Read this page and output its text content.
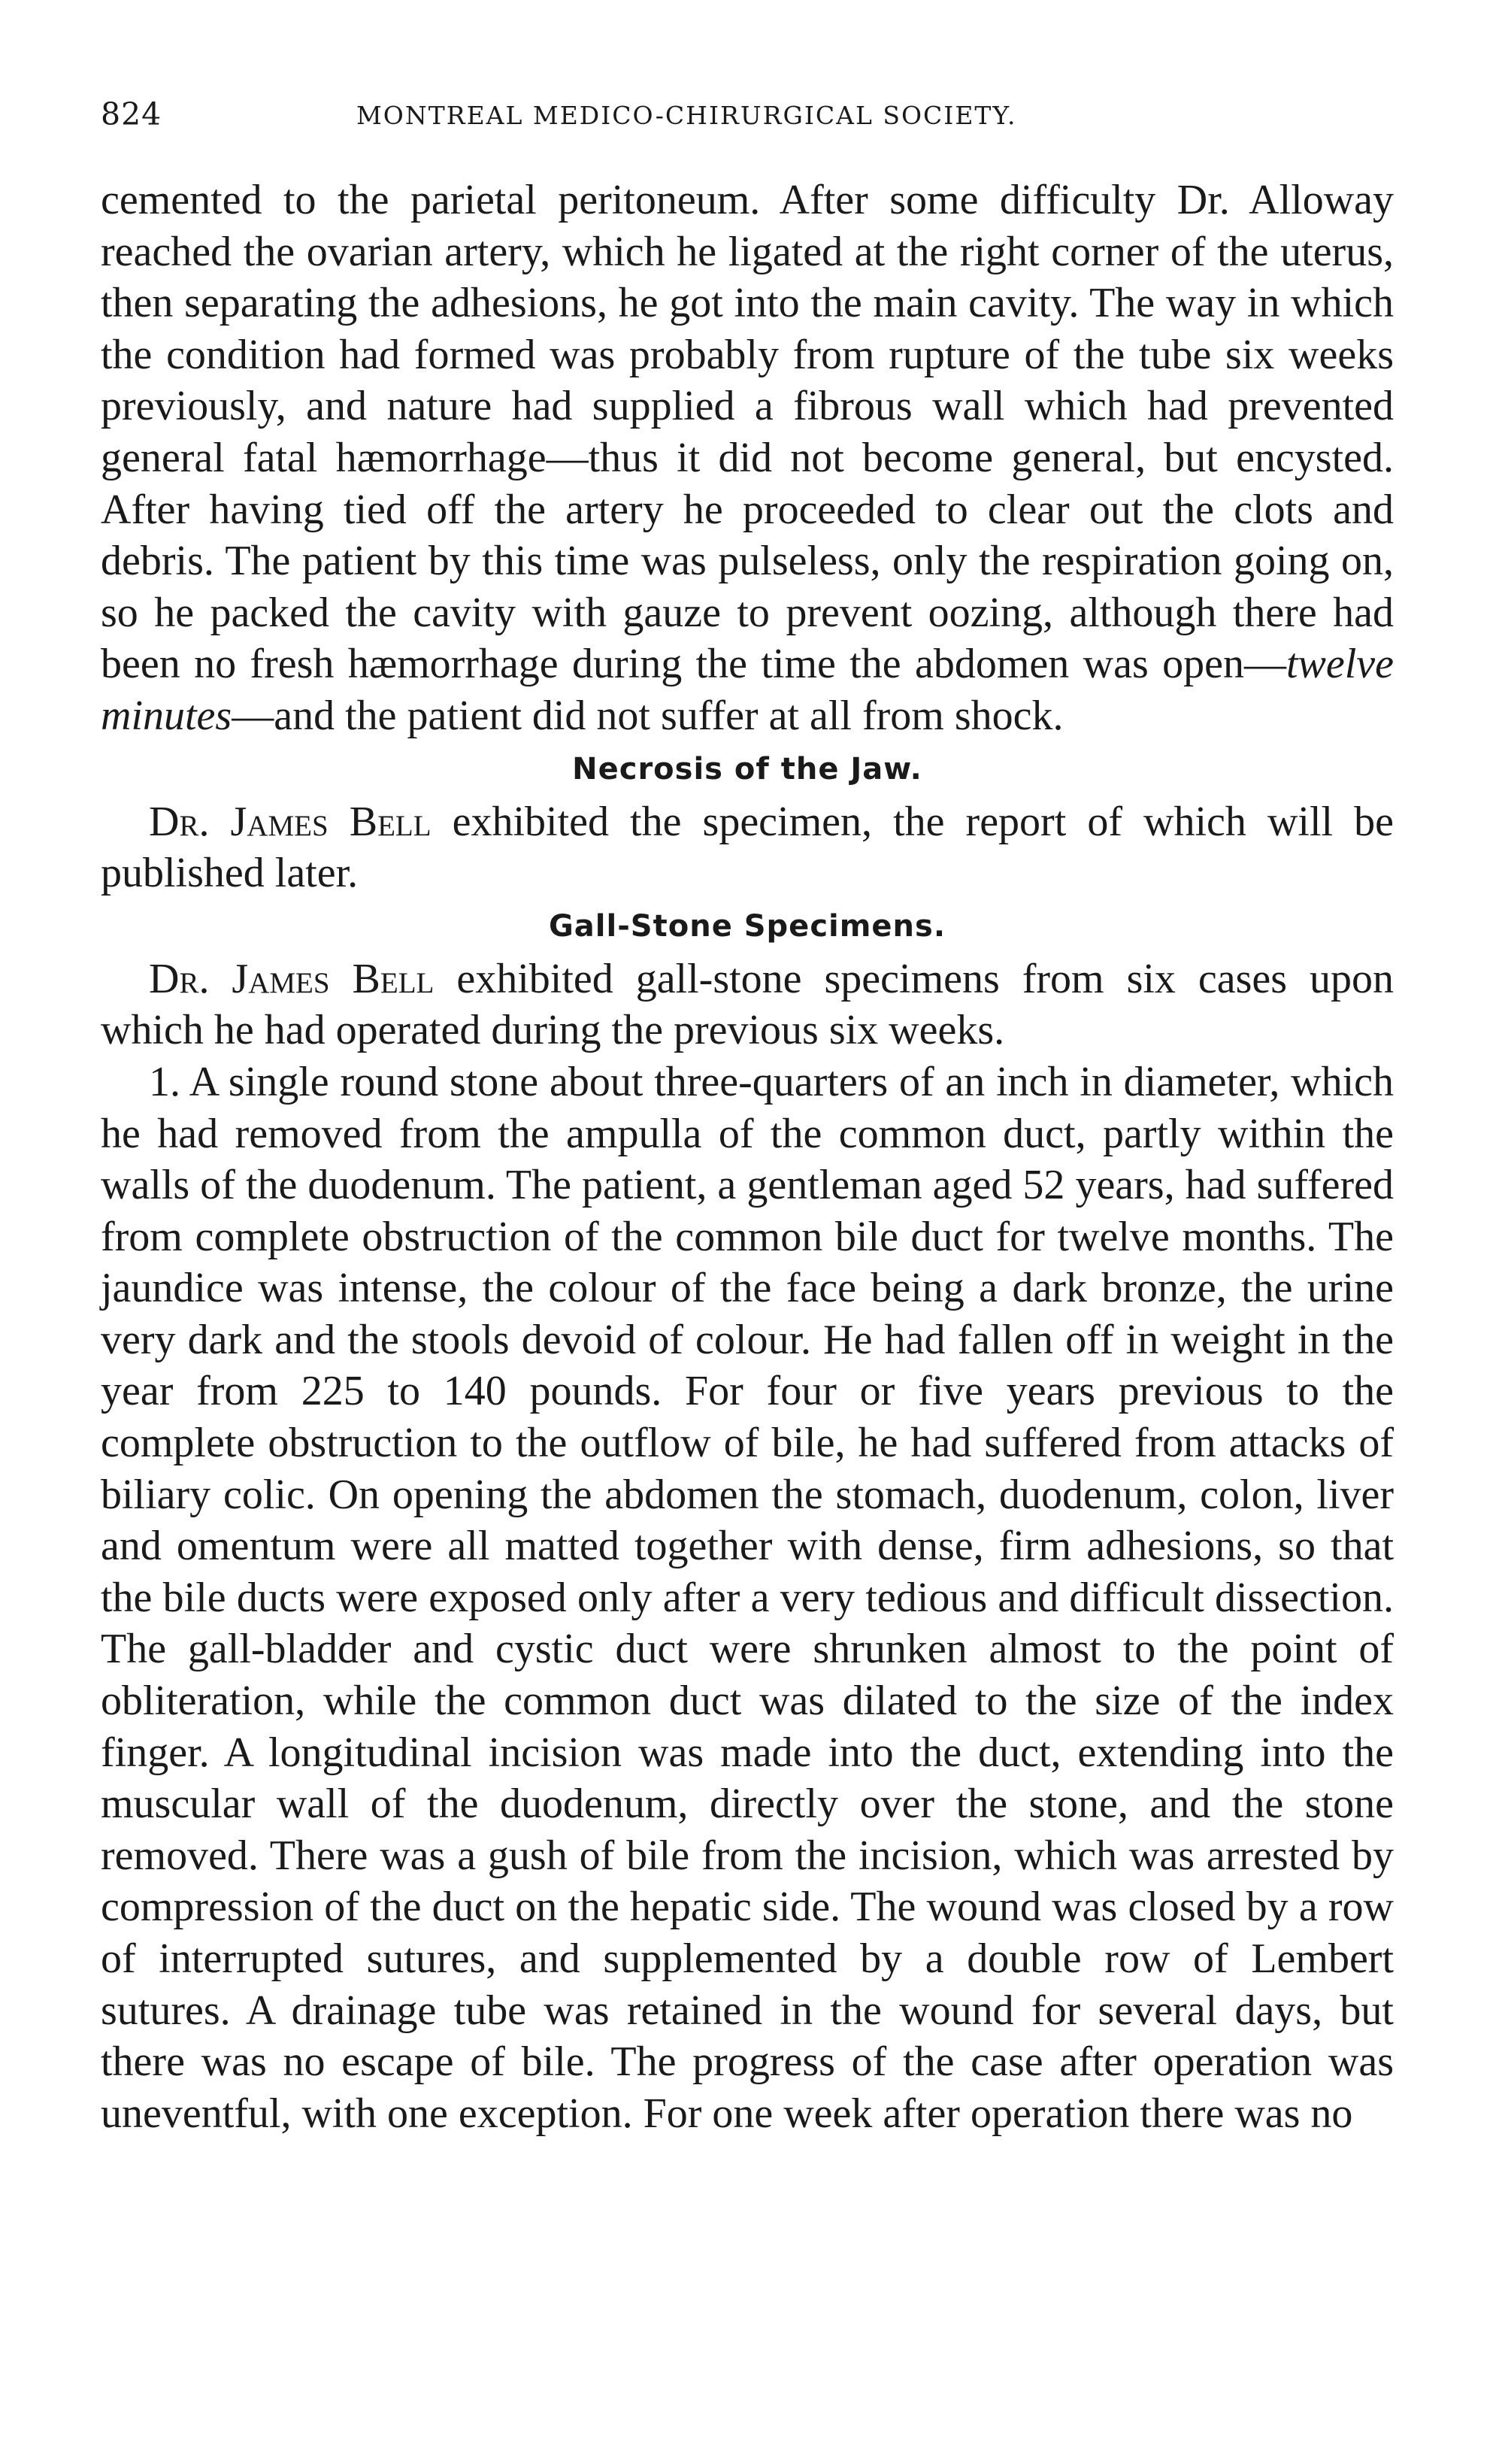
824	MONTREAL MEDICO-CHIRURGICAL SOCIETY.

cemented to the parietal peritoneum. After some difficulty Dr. Alloway reached the ovarian artery, which he ligated at the right corner of the uterus, then separating the adhesions, he got into the main cavity. The way in which the condition had formed was probably from rupture of the tube six weeks previously, and nature had supplied a fibrous wall which had prevented general fatal hæmorrhage—thus it did not become general, but encysted. After having tied off the artery he proceeded to clear out the clots and debris. The patient by this time was pulseless, only the respiration going on, so he packed the cavity with gauze to prevent oozing, although there had been no fresh hæmorrhage during the time the abdomen was open—twelve minutes—and the patient did not suffer at all from shock.

Necrosis of the Jaw.

Dr. James Bell exhibited the specimen, the report of which will be published later.

Gall-Stone Specimens.

Dr. James Bell exhibited gall-stone specimens from six cases upon which he had operated during the previous six weeks.

1. A single round stone about three-quarters of an inch in diameter, which he had removed from the ampulla of the common duct, partly within the walls of the duodenum. The patient, a gentleman aged 52 years, had suffered from complete obstruction of the common bile duct for twelve months. The jaundice was intense, the colour of the face being a dark bronze, the urine very dark and the stools devoid of colour. He had fallen off in weight in the year from 225 to 140 pounds. For four or five years previous to the complete obstruction to the outflow of bile, he had suffered from attacks of biliary colic. On opening the abdomen the stomach, duodenum, colon, liver and omentum were all matted together with dense, firm adhesions, so that the bile ducts were exposed only after a very tedious and difficult dissection. The gall-bladder and cystic duct were shrunken almost to the point of obliteration, while the common duct was dilated to the size of the index finger. A longitudinal incision was made into the duct, extending into the muscular wall of the duodenum, directly over the stone, and the stone removed. There was a gush of bile from the incision, which was arrested by compression of the duct on the hepatic side. The wound was closed by a row of interrupted sutures, and supplemented by a double row of Lembert sutures. A drainage tube was retained in the wound for several days, but there was no escape of bile. The progress of the case after operation was uneventful, with one exception. For one week after operation there was no
